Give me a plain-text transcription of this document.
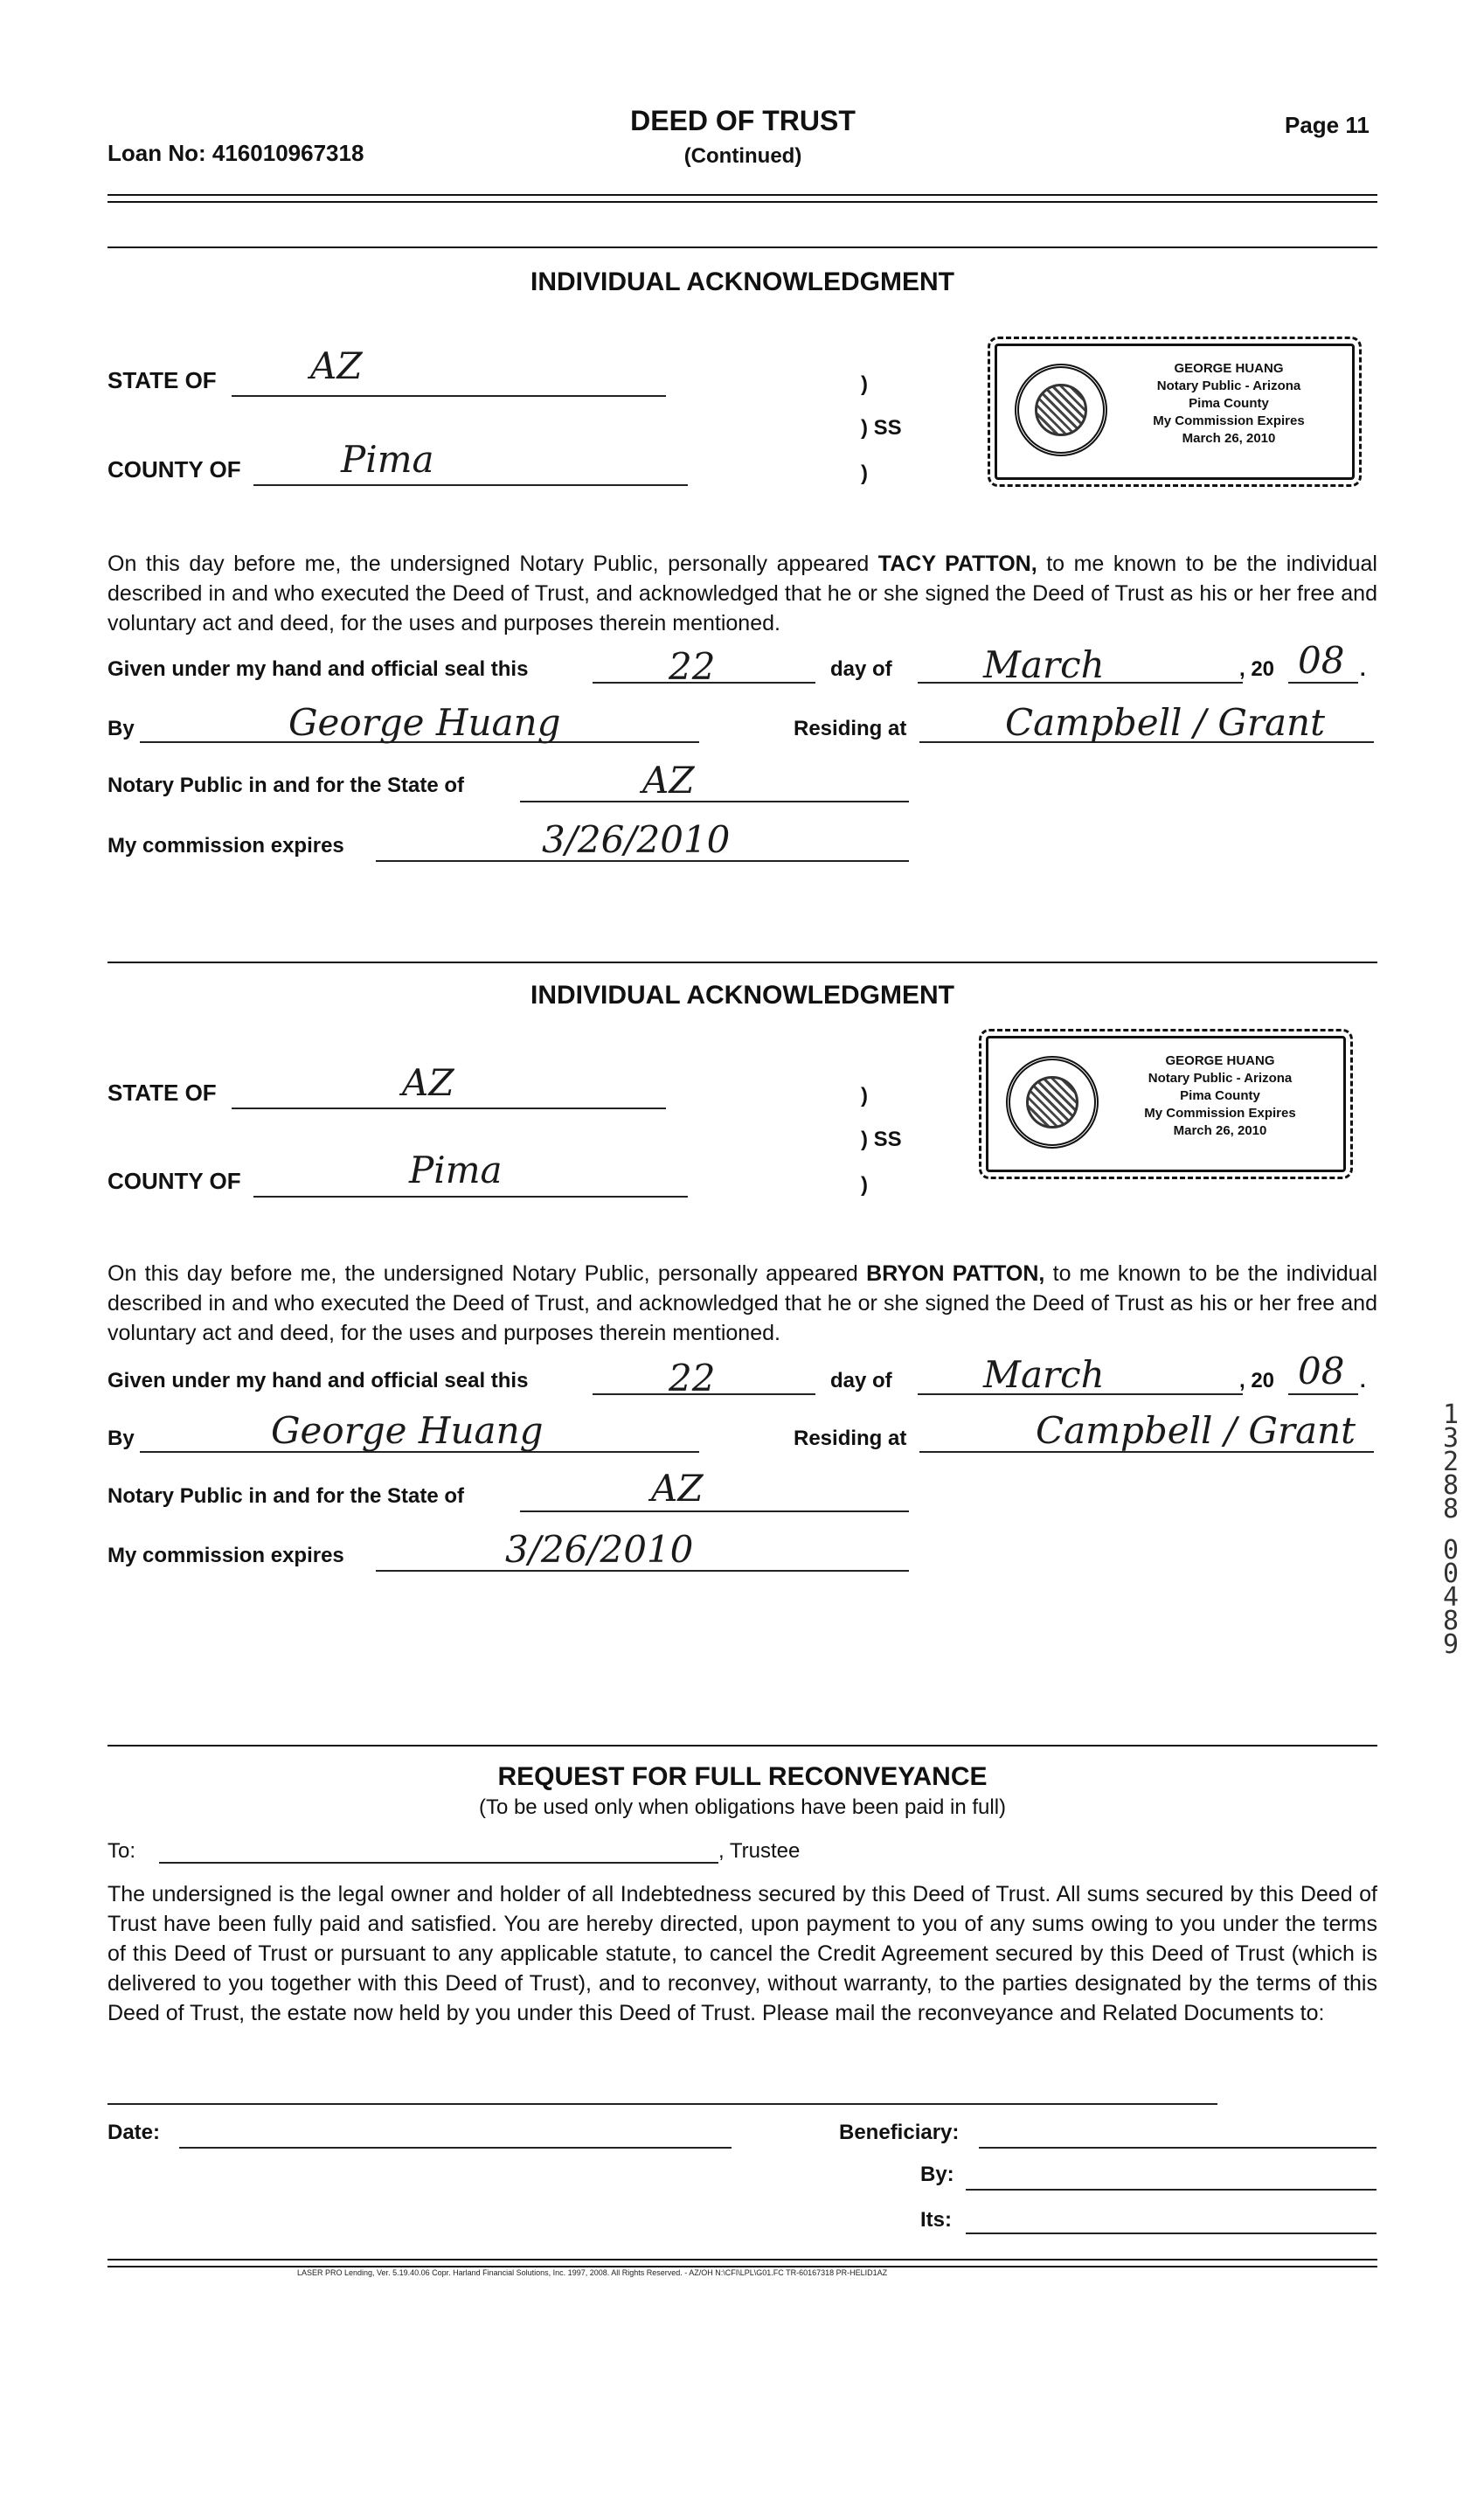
Loan No: 416010967318
DEED OF TRUST
(Continued)
Page 11
INDIVIDUAL ACKNOWLEDGMENT
STATE OF	AZ
COUNTY OF	Pima
)
) SS
)
GEORGE HUANG
Notary Public - Arizona
Pima County
My Commission Expires
March 26, 2010
On this day before me, the undersigned Notary Public, personally appeared TACY PATTON, to me known to be the individual described in and who executed the Deed of Trust, and acknowledged that he or she signed the Deed of Trust as his or her free and voluntary act and deed, for the uses and purposes therein mentioned.
Given under my hand and official seal this	22	day of March	, 20 08 .
By	George Huang	Residing at	Campbell / Grant
Notary Public in and for the State of	AZ
My commission expires	3/26/2010
INDIVIDUAL ACKNOWLEDGMENT
STATE OF	AZ
COUNTY OF	Pima
)
) SS
)
GEORGE HUANG
Notary Public - Arizona
Pima County
My Commission Expires
March 26, 2010
On this day before me, the undersigned Notary Public, personally appeared BRYON PATTON, to me known to be the individual described in and who executed the Deed of Trust, and acknowledged that he or she signed the Deed of Trust as his or her free and voluntary act and deed, for the uses and purposes therein mentioned.
Given under my hand and official seal this	22	day of March	, 20 08 .
By	George Huang	Residing at	Campbell / Grant
Notary Public in and for the State of	AZ
My commission expires	3/26/2010
REQUEST FOR FULL RECONVEYANCE
(To be used only when obligations have been paid in full)
To:	, Trustee
The undersigned is the legal owner and holder of all Indebtedness secured by this Deed of Trust. All sums secured by this Deed of Trust have been fully paid and satisfied. You are hereby directed, upon payment to you of any sums owing to you under the terms of this Deed of Trust or pursuant to any applicable statute, to cancel the Credit Agreement secured by this Deed of Trust (which is delivered to you together with this Deed of Trust), and to reconvey, without warranty, to the parties designated by the terms of this Deed of Trust, the estate now held by you under this Deed of Trust. Please mail the reconveyance and Related Documents to:
Date:	Beneficiary:
By:
Its:
LASER PRO Lending, Ver. 5.19.40.06 Copr. Harland Financial Solutions, Inc. 1997, 2008. All Rights Reserved. - AZ/OH N:\CFI\LPL\G01.FC TR-60167318 PR-HELID1AZ
1 3 2 8 8
0 0 4 8 9
